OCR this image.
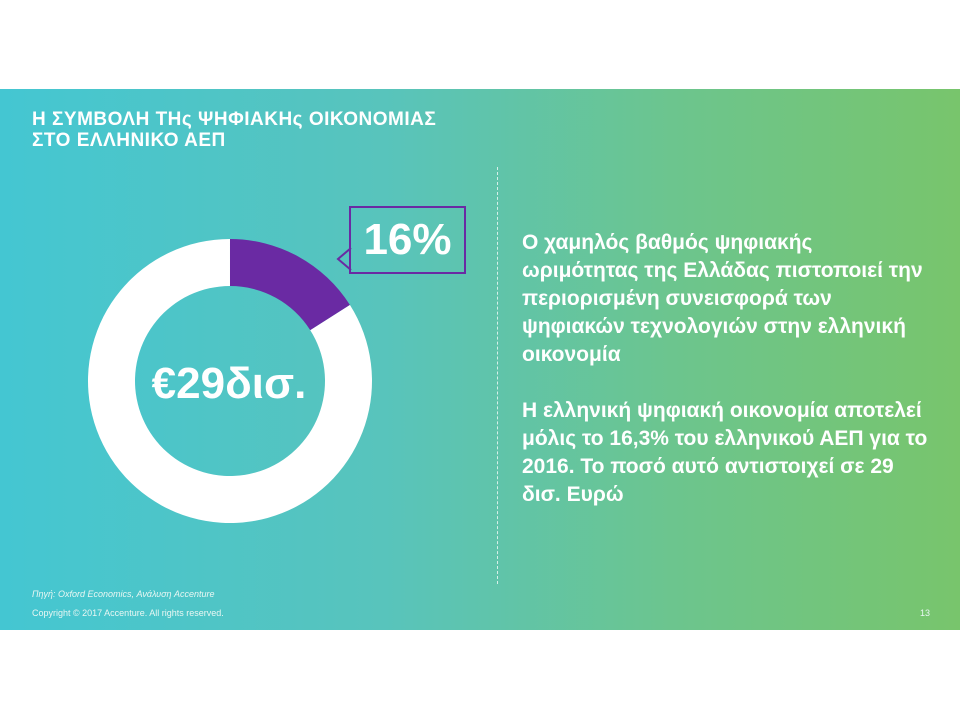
Η ΣΥΜΒΟΛΗ ΤΗς ΨΗΦΙΑΚΗς ΟΙΚΟΝΟΜΙΑΣ
ΣΤΟ ΕΛΛΗΝΙΚΟ ΑΕΠ
€29δισ.
16%	Ο χαμηλός βαθμός ψηφιακής ωριμότητας της Ελλάδας πιστοποιεί την περιορισμένη συνεισφορά των ψηφιακών τεχνολογιών στην ελληνική οικονομία

Η ελληνική ψηφιακή οικονομία αποτελεί μόλις το 16,3% του ελληνικού ΑΕΠ για το 2016. Το ποσό αυτό αντιστοιχεί σε 29 δισ. Ευρώ

Πηγή: Oxford Economics, Ανάλυση Accenture
Copyright © 2017 Accenture. All rights reserved.	13
